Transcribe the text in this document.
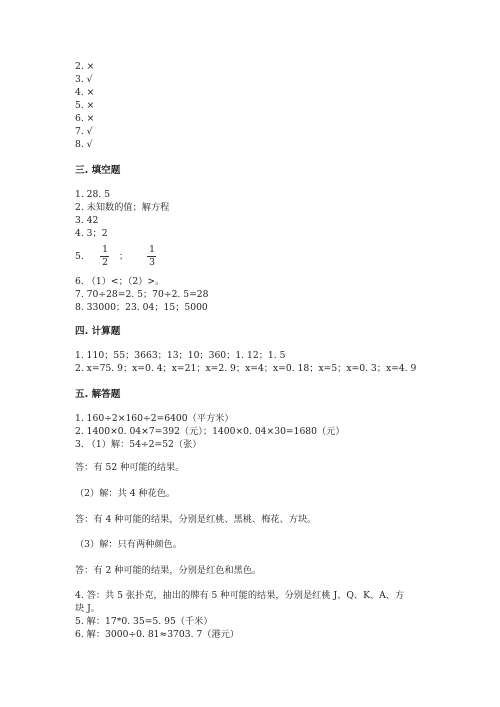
2. ×
3. √
4. ×
5. ×
6. ×
7. √
8. √
三. 填空题
1. 28. 5
2. 未知数的值；解方程
3. 42
4. 3；2
5.
1
2
；
1
3
6. （1）<；（2）>。
7. 70÷28=2. 5；70÷2. 5=28
8. 33000；23. 04；15；5000
四. 计算题
1. 110；55；3663；13；10；360；1. 12；1. 5
2. x=75. 9；x=0. 4；x=21；x=2. 9；x=4；x=0. 18；x=5；x=0. 3；x=4. 9
五. 解答题
1. 160÷2×160÷2=6400（平方米）
2. 1400×0. 04×7=392（元）；1400×0. 04×30=1680（元）
3. （1）解：54÷2=52（张）
答：有 52 种可能的结果。
（2）解：共 4 种花色。
答：有 4 种可能的结果，分别是红桃、黑桃、梅花、方块。
（3）解：只有两种颜色。
答：有 2 种可能的结果，分别是红色和黑色。
4. 答：共 5 张扑克，抽出的牌有 5 种可能的结果，分别是红桃 J、Q、K、A、方
块 J。
5. 解：17*0. 35=5. 95（千米）
6. 解：3000÷0. 81≈3703. 7（港元）
